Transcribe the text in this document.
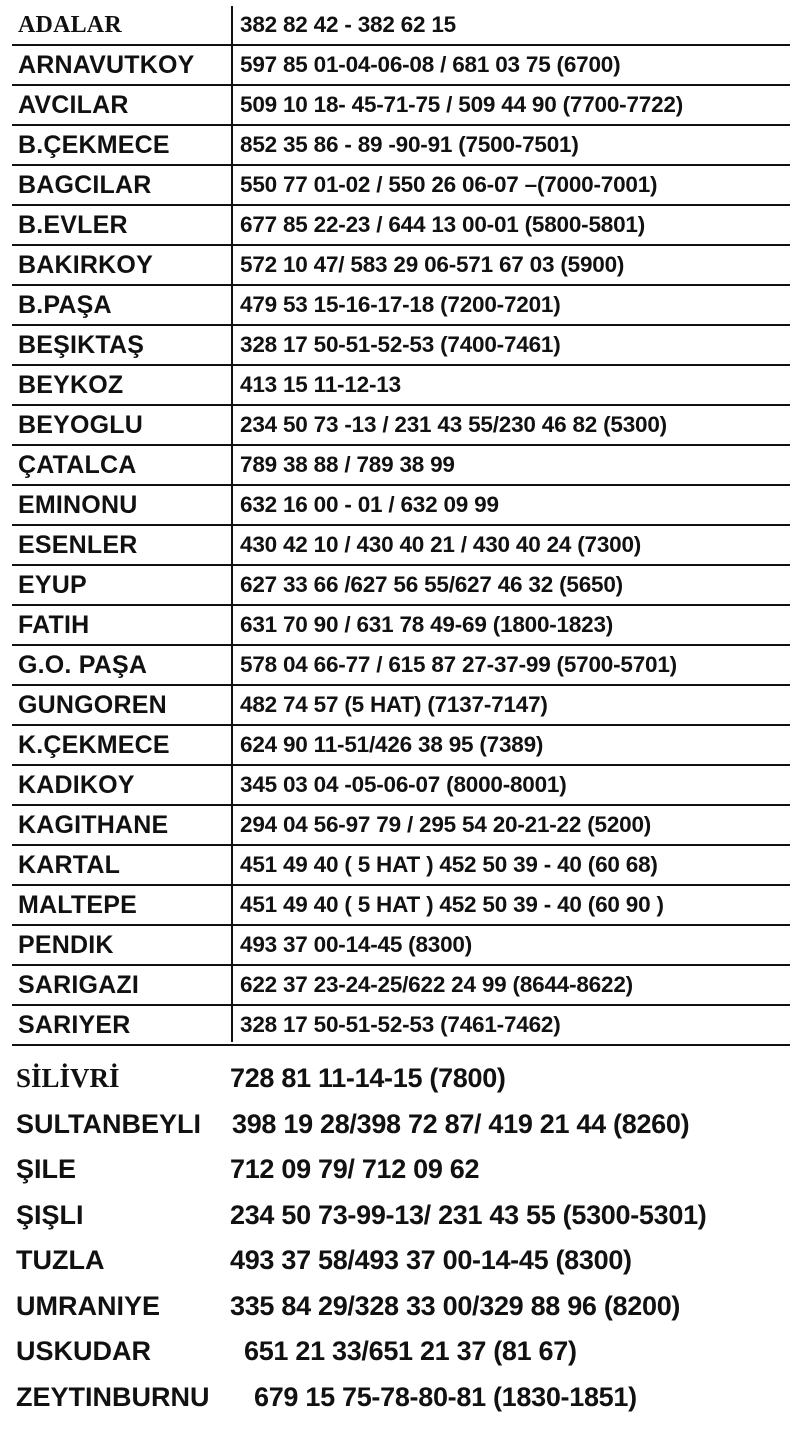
ADALAR	382 82 42 - 382 62 15
ARNAVUTKOY	597 85 01-04-06-08 / 681 03 75 (6700)
AVCILAR	509 10 18- 45-71-75 / 509 44 90 (7700-7722)
B.ÇEKMECE	852 35 86 - 89 -90-91 (7500-7501)
BAGCILAR	550 77 01-02 / 550 26 06-07 –(7000-7001)
B.EVLER	677 85 22-23 / 644 13 00-01 (5800-5801)
BAKIRKOY	572 10 47/ 583 29 06-571 67 03 (5900)
B.PAŞA	479 53 15-16-17-18 (7200-7201)
BEŞIKTAŞ	328 17 50-51-52-53 (7400-7461)
BEYKOZ	413 15 11-12-13
BEYOGLU	234 50 73 -13 / 231 43 55/230 46 82 (5300)
ÇATALCA	789 38 88 / 789 38 99
EMINONU	632 16 00 - 01 / 632 09 99
ESENLER	430 42 10 / 430 40 21 / 430 40 24 (7300)
EYUP	627 33 66 /627 56 55/627 46 32 (5650)
FATIH	631 70 90 / 631 78 49-69 (1800-1823)
G.O. PAŞA	578 04 66-77 / 615 87 27-37-99 (5700-5701)
GUNGOREN	482 74 57 (5 HAT) (7137-7147)
K.ÇEKMECE	624 90 11-51/426 38 95 (7389)
KADIKOY	345 03 04 -05-06-07 (8000-8001)
KAGITHANE	294 04 56-97 79 / 295 54 20-21-22 (5200)
KARTAL	451 49 40 ( 5 HAT ) 452 50 39 - 40 (60 68)
MALTEPE	451 49 40 ( 5 HAT ) 452 50 39 - 40 (60 90 )
PENDIK	493 37 00-14-45 (8300)
SARIGAZI	622 37 23-24-25/622 24 99 (8644-8622)
SARIYER	328 17 50-51-52-53 (7461-7462)
SİLİVRİ	728 81 11-14-15 (7800)
SULTANBEYLI	398 19 28/398 72 87/ 419 21 44 (8260)
ŞILE	712 09 79/ 712 09 62
ŞIŞLI	234 50 73-99-13/ 231 43 55 (5300-5301)
TUZLA	493 37 58/493 37 00-14-45 (8300)
UMRANIYE	335 84 29/328 33 00/329 88 96 (8200)
USKUDAR	651 21 33/651 21 37 (81 67)
ZEYTINBURNU	679 15 75-78-80-81 (1830-1851)
